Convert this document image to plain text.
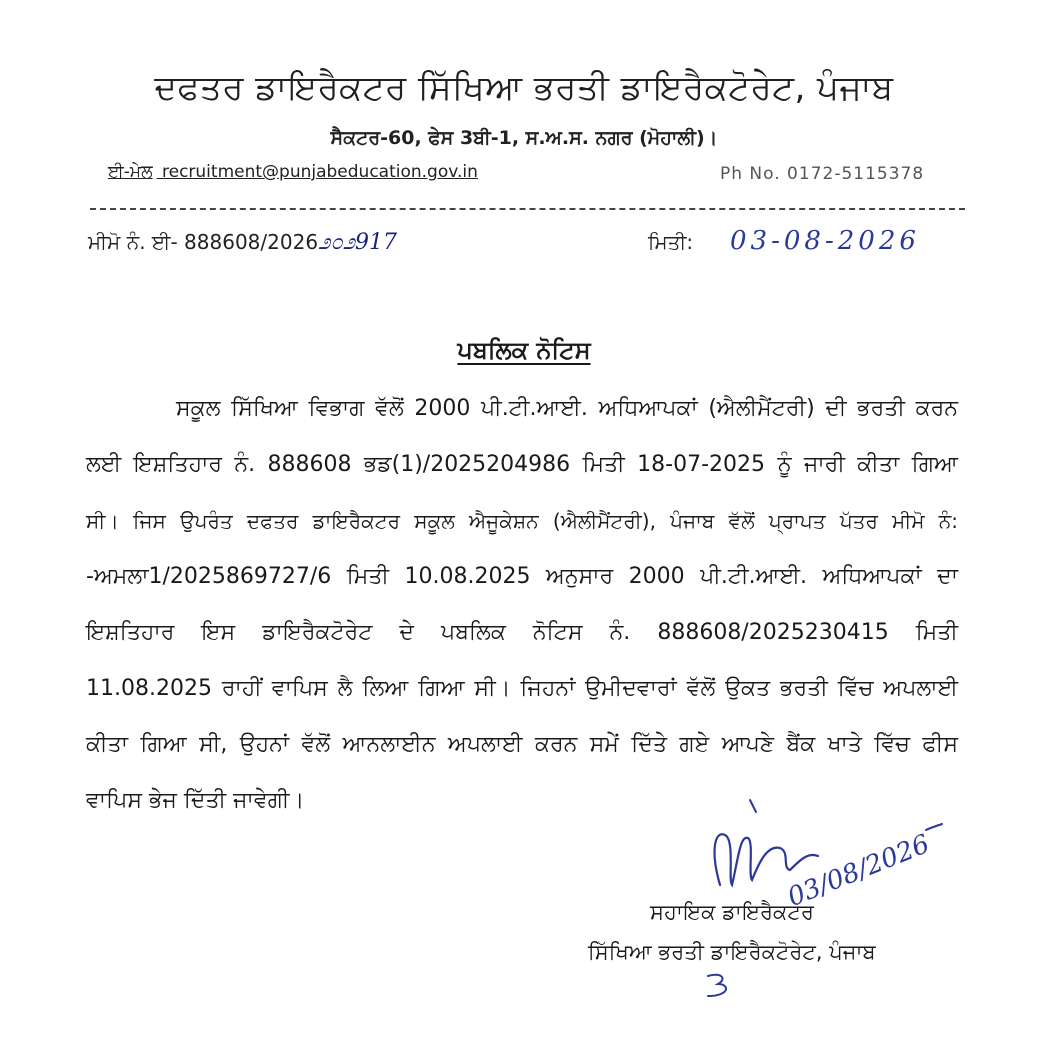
ਦਫਤਰ ਡਾਇਰੈਕਟਰ ਸਿੱਖਿਆ ਭਰਤੀ ਡਾਇਰੈਕਟੋਰੇਟ, ਪੰਜਾਬ
ਸੈਕਟਰ-60, ਫੇਸ 3ਬੀ-1, ਸ.ਅ.ਸ. ਨਗਰ (ਮੋਹਾਲੀ)।
ਈ-ਮੇਲ recruitment@punjabeducation.gov.in	Ph No. 0172-5115378
ਮੀਮੋ ਨੰ. ਈ- 888608/2026೨೦೨917	ਮਿਤੀ: 03-08-2026
ਪਬਲਿਕ ਨੋਟਿਸ
ਸਕੂਲ ਸਿੱਖਿਆ ਵਿਭਾਗ ਵੱਲੋਂ 2000 ਪੀ.ਟੀ.ਆਈ. ਅਧਿਆਪਕਾਂ (ਐਲੀਮੈਂਟਰੀ) ਦੀ ਭਰਤੀ ਕਰਨ
ਲਈ ਇਸ਼ਤਿਹਾਰ ਨੰ. 888608 ਭਡ(1)/2025204986 ਮਿਤੀ 18-07-2025 ਨੂੰ ਜਾਰੀ ਕੀਤਾ ਗਿਆ
ਸੀ। ਜਿਸ ਉਪਰੰਤ ਦਫਤਰ ਡਾਇਰੈਕਟਰ ਸਕੂਲ ਐਜੂਕੇਸ਼ਨ (ਐਲੀਮੈਂਟਰੀ), ਪੰਜਾਬ ਵੱਲੋਂ ਪ੍ਰਾਪਤ ਪੱਤਰ ਮੀਮੋ ਨੰ:
-ਅਮਲਾ1/2025869727/6 ਮਿਤੀ 10.08.2025 ਅਨੁਸਾਰ 2000 ਪੀ.ਟੀ.ਆਈ. ਅਧਿਆਪਕਾਂ ਦਾ
ਇਸ਼ਤਿਹਾਰ ਇਸ ਡਾਇਰੈਕਟੋਰੇਟ ਦੇ ਪਬਲਿਕ ਨੋਟਿਸ ਨੰ. 888608/2025230415 ਮਿਤੀ
11.08.2025 ਰਾਹੀਂ ਵਾਪਿਸ ਲੈ ਲਿਆ ਗਿਆ ਸੀ। ਜਿਹਨਾਂ ਉਮੀਦਵਾਰਾਂ ਵੱਲੋਂ ਉਕਤ ਭਰਤੀ ਵਿੱਚ ਅਪਲਾਈ
ਕੀਤਾ ਗਿਆ ਸੀ, ਉਹਨਾਂ ਵੱਲੋਂ ਆਨਲਾਈਨ ਅਪਲਾਈ ਕਰਨ ਸਮੇਂ ਦਿੱਤੇ ਗਏ ਆਪਣੇ ਬੈਂਕ ਖਾਤੇ ਵਿੱਚ ਫੀਸ
ਵਾਪਿਸ ਭੇਜ ਦਿੱਤੀ ਜਾਵੇਗੀ।
03/08/2026
ਸਹਾਇਕ ਡਾਇਰੈਕਟਰ
ਸਿੱਖਿਆ ਭਰਤੀ ਡਾਇਰੈਕਟੋਰੇਟ, ਪੰਜਾਬ
